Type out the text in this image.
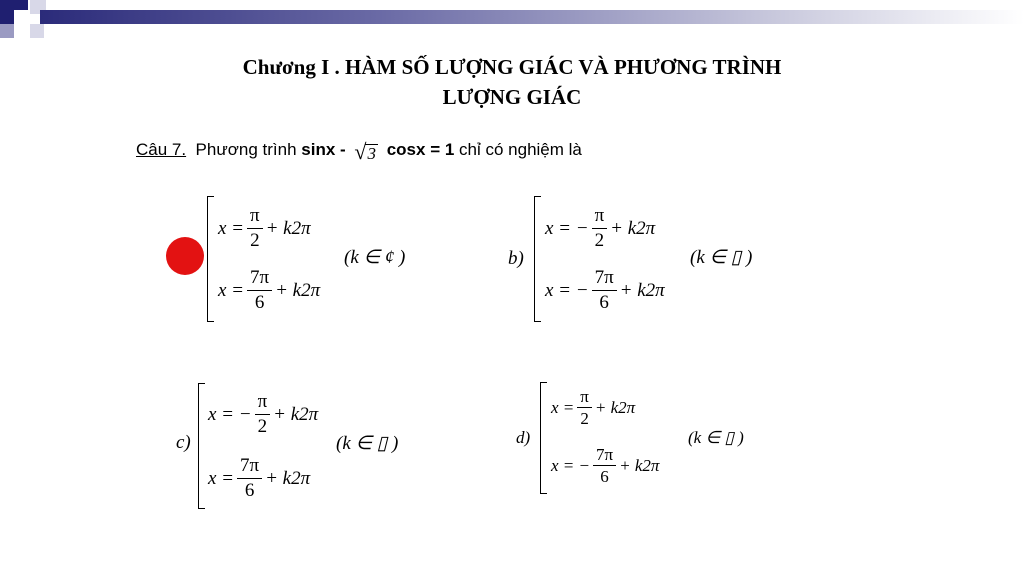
Chương I . HÀM SỐ LƯỢNG GIÁC VÀ PHƯƠNG TRÌNH
LƯỢNG GIÁC
Câu 7. Phương trình sinx - √ 3 cosx = 1 chỉ có nghiệm là
$x = \frac{\pi}{2} + k2\pi$
$x = \frac{7\pi}{6} + k2\pi$
(k ∈ ¢ )	b)
x = − $\frac{\pi}{2} + k2\pi$
x = − $\frac{7\pi}{6} + k2\pi$
(k ∈ ▯ )
c)
x = − $\frac{\pi}{2} + k2\pi$
$x = \frac{7\pi}{6} + k2\pi$
(k ∈ ▯ )	d)
$x = \frac{\pi}{2} + k2\pi$
x = − $\frac{7\pi}{6} + k2\pi$
(k ∈ ▯ )
